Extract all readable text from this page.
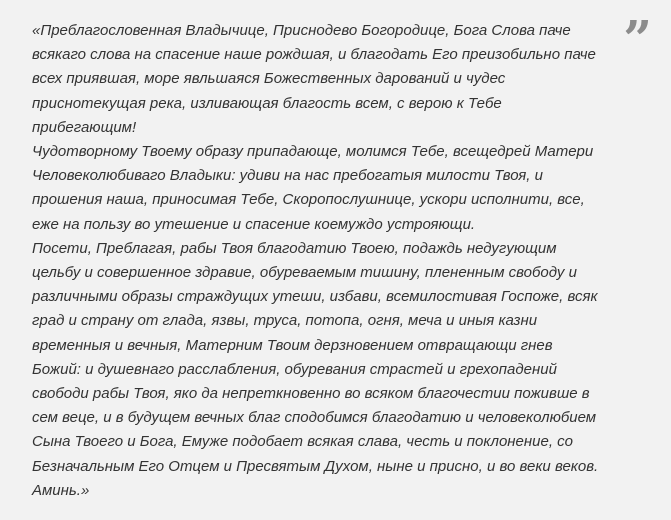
”
«Преблагословенная Владычице, Приснодево Богородице, Бога Слова паче
всякаго слова на спасение наше рождшая, и благодать Его преизобильно паче
всех приявшая, море явльшаяся Божественных дарований и чудес
приснотекущая река, изливающая благость всем, с верою к Тебе
прибегающим!
Чудотворному Твоему образу припадающе, молимся Тебе, всещедрей Матери
Человеколюбиваго Владыки: удиви на нас пребогатыя милости Твоя, и
прошения наша, приносимая Тебе, Скоропослушнице, ускори исполнити, все,
еже на пользу во утешение и спасение коемуждо устрояющи.
Посети, Преблагая, рабы Твоя благодатию Твоею, подаждь недугующим
цельбу и совершенное здравие, обуреваемым тишину, плененным свободу и
различными образы страждущих утеши, избави, всемилостивая Госпоже, всяк
град и страну от глада, язвы, труса, потопа, огня, меча и иныя казни
временныя и вечныя, Матерним Твоим дерзновением отвращающи гнев
Божий: и душевнаго расслабления, обуревания страстей и грехопадений
свободи рабы Твоя, яко да непреткновенно во всяком благочестии поживше в
сем веце, и в будущем вечных благ сподобимся благодатию и человеколюбием
Сына Твоего и Бога, Емуже подобает всякая слава, честь и поклонение, со
Безначальным Его Отцем и Пресвятым Духом, ныне и присно, и во веки веков.
Аминь.»
